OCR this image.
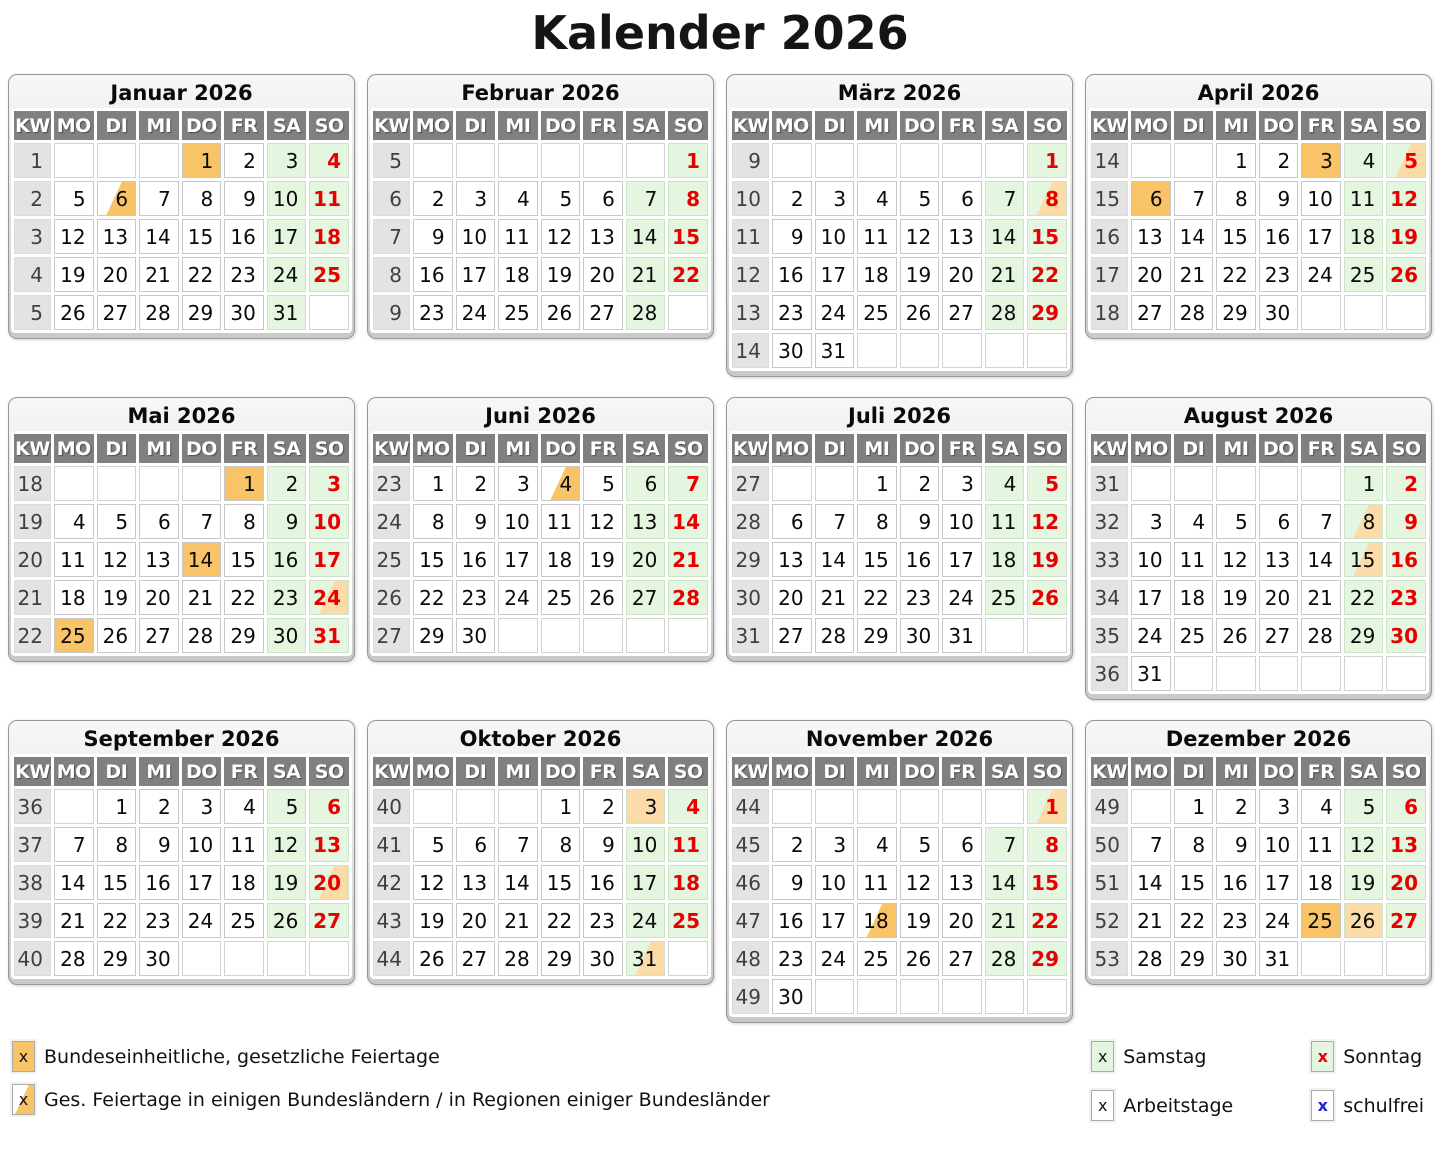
Kalender 2026
Januar 2026
KW	MO	DI	MI	DO	FR	SA	SO
1				1	2	3	4
2	5	6	7	8	9	10	11
3	12	13	14	15	16	17	18
4	19	20	21	22	23	24	25
5	26	27	28	29	30	31	
Februar 2026
KW	MO	DI	MI	DO	FR	SA	SO
5							1
6	2	3	4	5	6	7	8
7	9	10	11	12	13	14	15
8	16	17	18	19	20	21	22
9	23	24	25	26	27	28	
März 2026
KW	MO	DI	MI	DO	FR	SA	SO
9							1
10	2	3	4	5	6	7	8
11	9	10	11	12	13	14	15
12	16	17	18	19	20	21	22
13	23	24	25	26	27	28	29
14	30	31					
April 2026
KW	MO	DI	MI	DO	FR	SA	SO
14			1	2	3	4	5
15	6	7	8	9	10	11	12
16	13	14	15	16	17	18	19
17	20	21	22	23	24	25	26
18	27	28	29	30			
Mai 2026
KW	MO	DI	MI	DO	FR	SA	SO
18					1	2	3
19	4	5	6	7	8	9	10
20	11	12	13	14	15	16	17
21	18	19	20	21	22	23	24
22	25	26	27	28	29	30	31
Juni 2026
KW	MO	DI	MI	DO	FR	SA	SO
23	1	2	3	4	5	6	7
24	8	9	10	11	12	13	14
25	15	16	17	18	19	20	21
26	22	23	24	25	26	27	28
27	29	30					
Juli 2026
KW	MO	DI	MI	DO	FR	SA	SO
27			1	2	3	4	5
28	6	7	8	9	10	11	12
29	13	14	15	16	17	18	19
30	20	21	22	23	24	25	26
31	27	28	29	30	31		
August 2026
KW	MO	DI	MI	DO	FR	SA	SO
31						1	2
32	3	4	5	6	7	8	9
33	10	11	12	13	14	15	16
34	17	18	19	20	21	22	23
35	24	25	26	27	28	29	30
36	31						
September 2026
KW	MO	DI	MI	DO	FR	SA	SO
36		1	2	3	4	5	6
37	7	8	9	10	11	12	13
38	14	15	16	17	18	19	20
39	21	22	23	24	25	26	27
40	28	29	30				
Oktober 2026
KW	MO	DI	MI	DO	FR	SA	SO
40				1	2	3	4
41	5	6	7	8	9	10	11
42	12	13	14	15	16	17	18
43	19	20	21	22	23	24	25
44	26	27	28	29	30	31	
November 2026
KW	MO	DI	MI	DO	FR	SA	SO
44							1
45	2	3	4	5	6	7	8
46	9	10	11	12	13	14	15
47	16	17	18	19	20	21	22
48	23	24	25	26	27	28	29
49	30						
Dezember 2026
KW	MO	DI	MI	DO	FR	SA	SO
49		1	2	3	4	5	6
50	7	8	9	10	11	12	13
51	14	15	16	17	18	19	20
52	21	22	23	24	25	26	27
53	28	29	30	31			
x Bundeseinheitliche, gesetzliche Feiertage
x Ges. Feiertage in einigen Bundesländern / in Regionen einiger Bundesländer
x Samstag	x Sonntag
x Arbeitstage	x schulfrei
